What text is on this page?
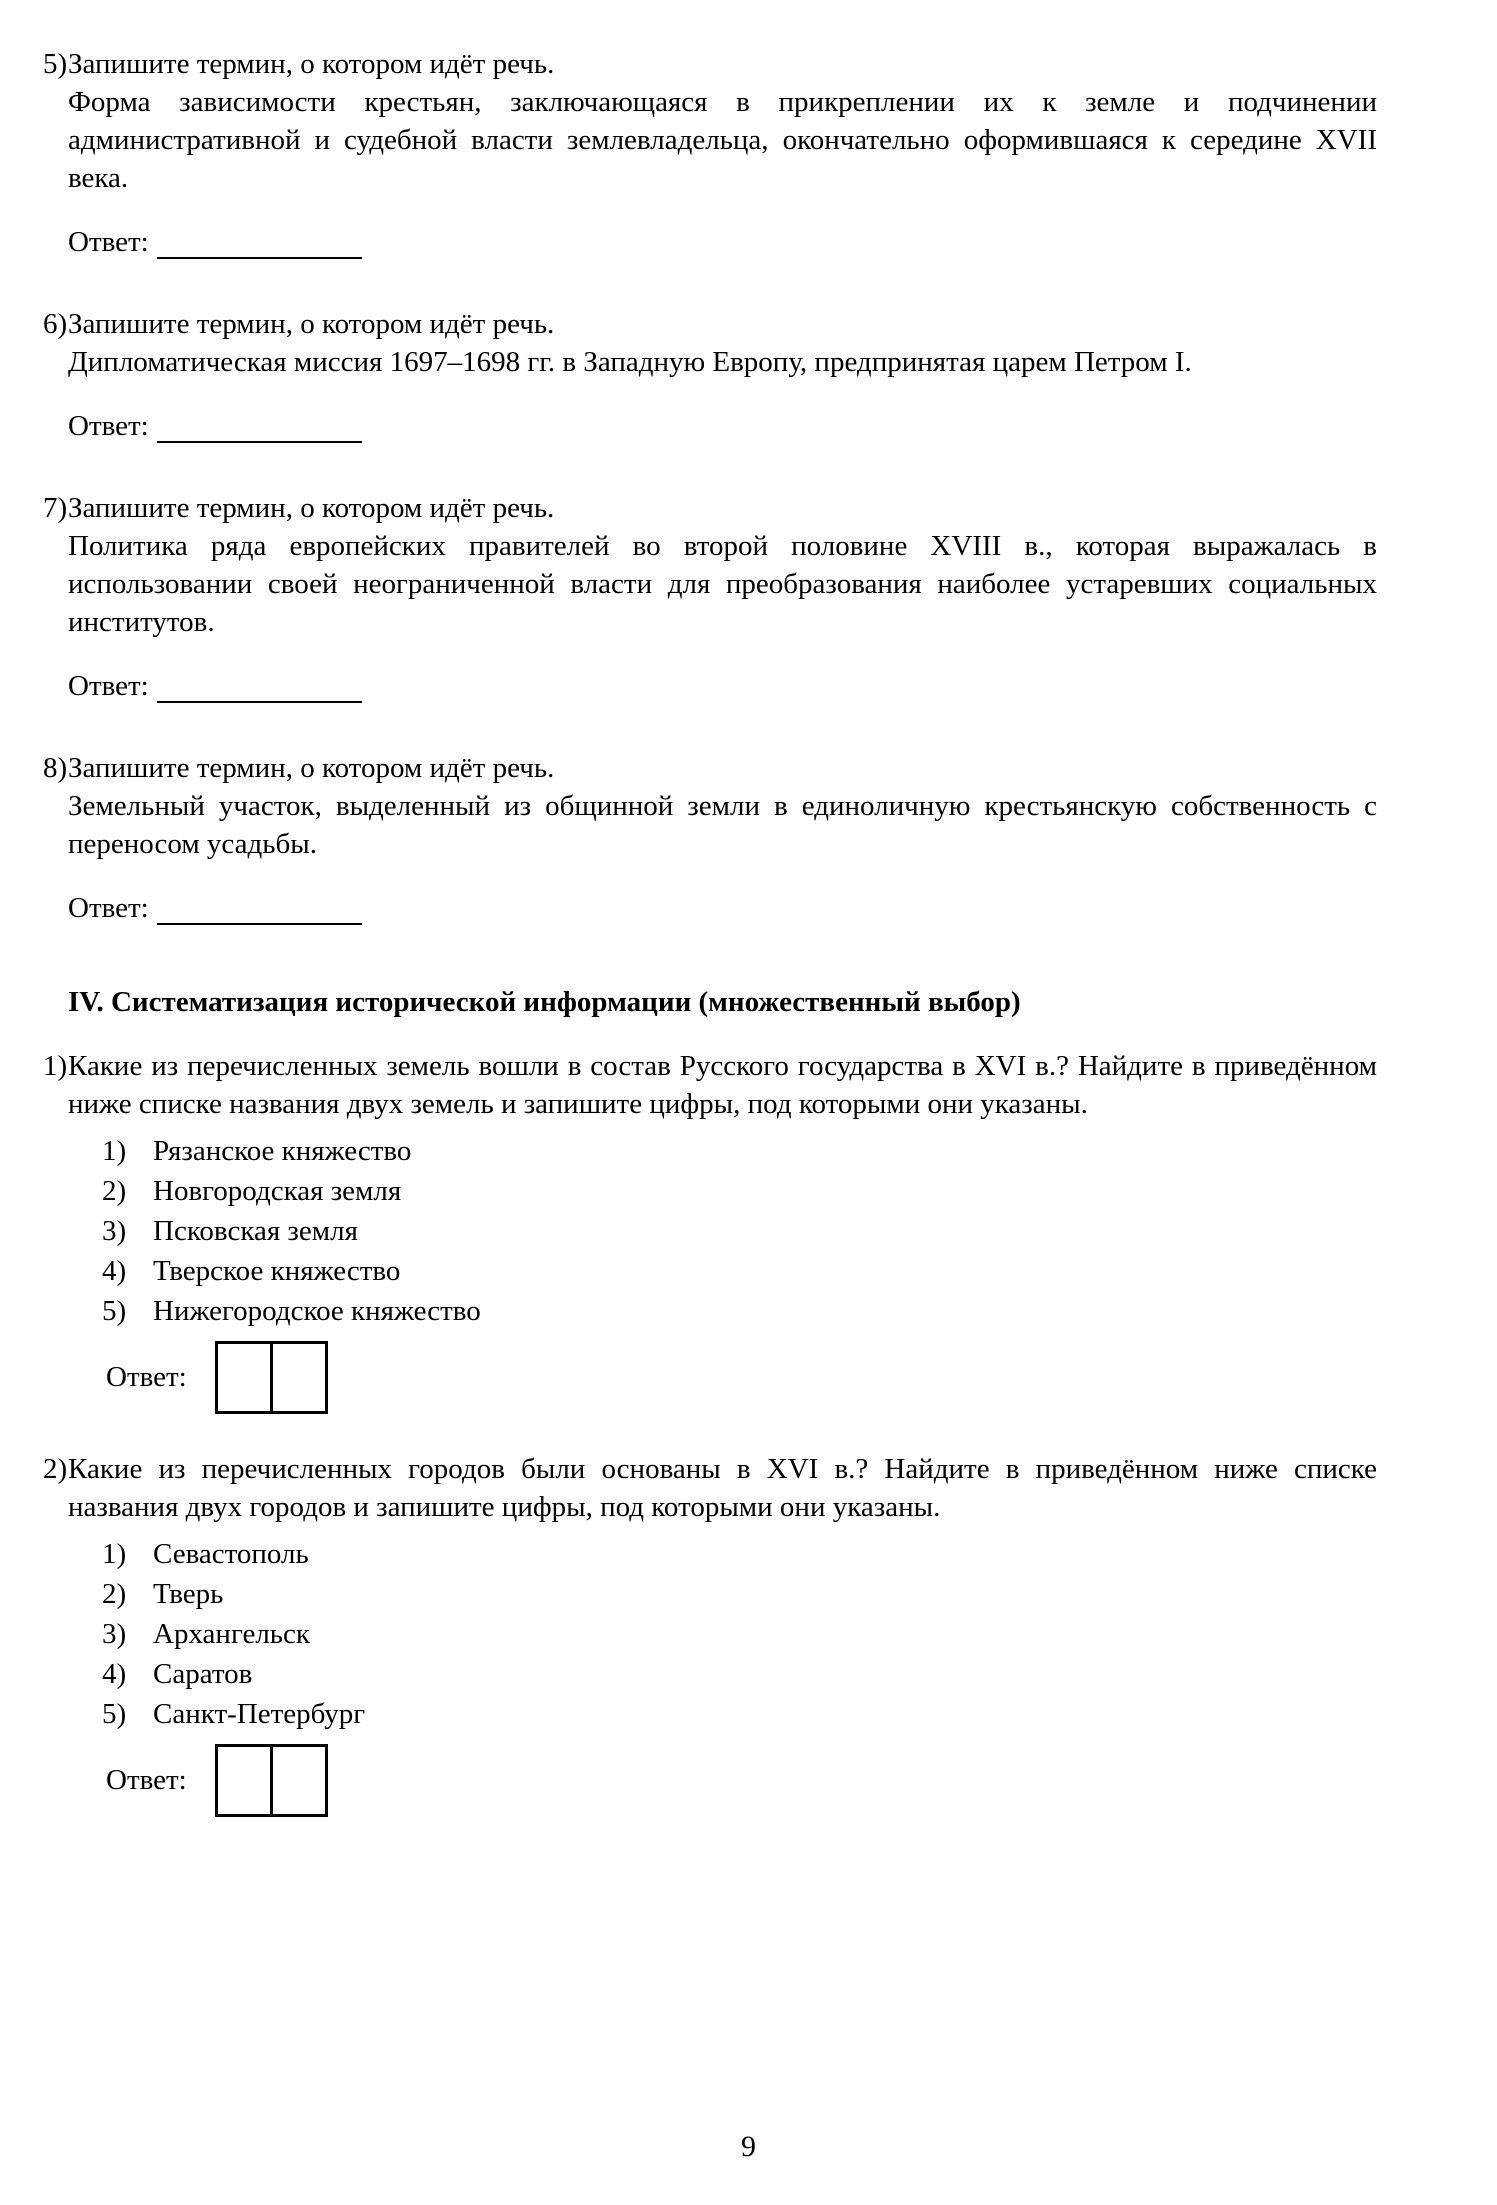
5) Запишите термин, о котором идёт речь.

Форма зависимости крестьян, заключающаяся в прикреплении их к земле и подчинении административной и судебной власти землевладельца, окончательно оформившаяся к середине XVII века.

Ответ:
6) Запишите термин, о котором идёт речь.

Дипломатическая миссия 1697–1698 гг. в Западную Европу, предпринятая царем Петром I.

Ответ:
7) Запишите термин, о котором идёт речь.

Политика ряда европейских правителей во второй половине XVIII в., которая выражалась в использовании своей неограниченной власти для преобразования наиболее устаревших социальных институтов.

Ответ:
8) Запишите термин, о котором идёт речь.

Земельный участок, выделенный из общинной земли в единоличную крестьянскую собственность с переносом усадьбы.

Ответ:
IV. Систематизация исторической информации (множественный выбор)
1) Какие из перечисленных земель вошли в состав Русского государства в XVI в.? Найдите в приведённом ниже списке названия двух земель и запишите цифры, под которыми они указаны.

1) Рязанское княжество
2) Новгородская земля
3) Псковская земля
4) Тверское княжество
5) Нижегородское княжество
Ответ:
2) Какие из перечисленных городов были основаны в XVI в.? Найдите в приведённом ниже списке названия двух городов и запишите цифры, под которыми они указаны.

1) Севастополь
2) Тверь
3) Архангельск
4) Саратов
5) Санкт-Петербург
Ответ:
9
